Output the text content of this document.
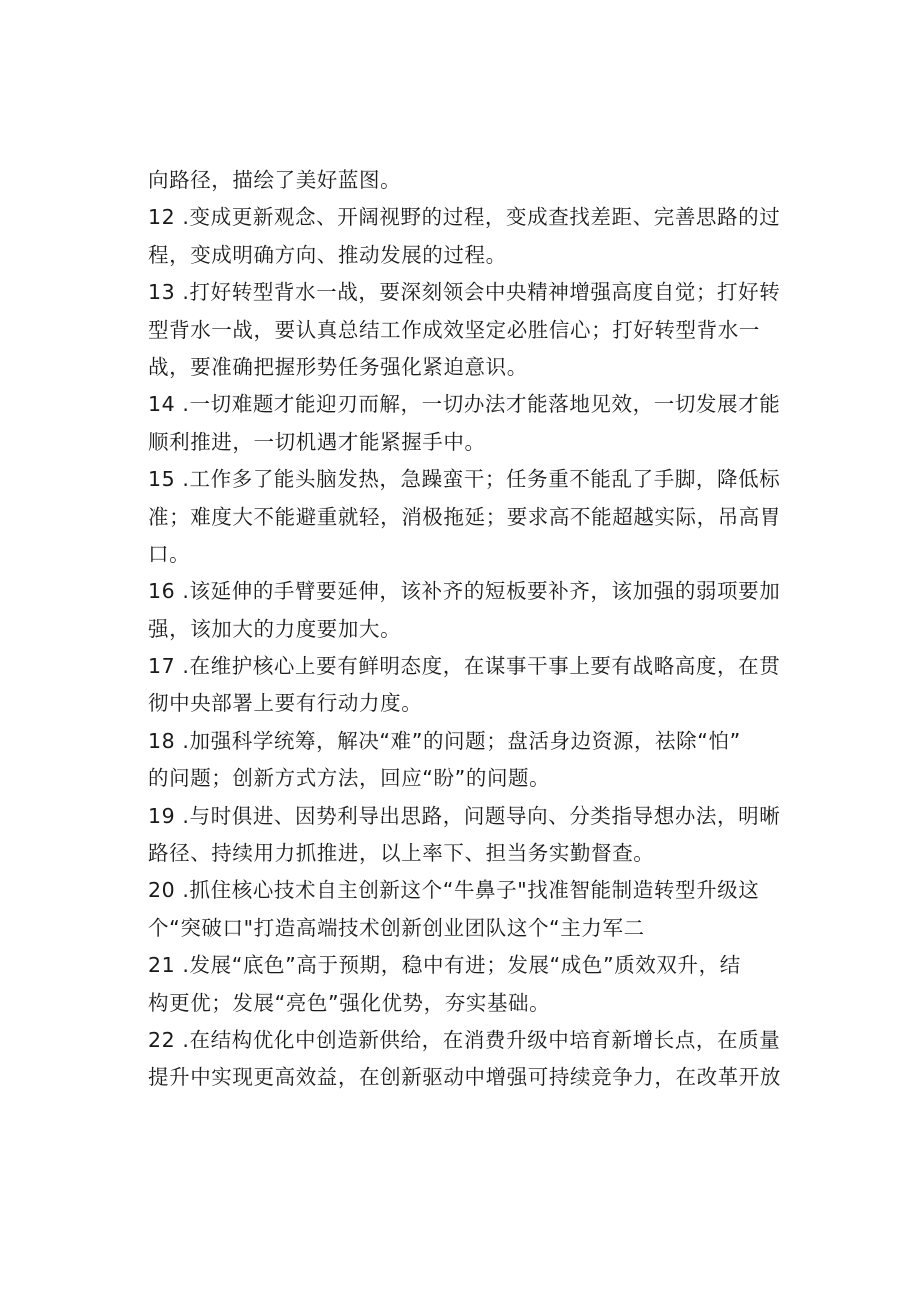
向路径，描绘了美好蓝图。
12 .变成更新观念、开阔视野的过程，变成查找差距、完善思路的过
程，变成明确方向、推动发展的过程。
13 .打好转型背水一战，要深刻领会中央精神增强高度自觉；打好转
型背水一战，要认真总结工作成效坚定必胜信心；打好转型背水一
战，要准确把握形势任务强化紧迫意识。
14 .一切难题才能迎刃而解，一切办法才能落地见效，一切发展才能
顺利推进，一切机遇才能紧握手中。
15 .工作多了能头脑发热，急躁蛮干；任务重不能乱了手脚，降低标
准；难度大不能避重就轻，消极拖延；要求高不能超越实际，吊高胃
口。
16 .该延伸的手臂要延伸，该补齐的短板要补齐，该加强的弱项要加
强，该加大的力度要加大。
17 .在维护核心上要有鲜明态度，在谋事干事上要有战略高度，在贯
彻中央部署上要有行动力度。
18 .加强科学统筹，解决“难”的问题；盘活身边资源，祛除“怕”
的问题；创新方式方法，回应“盼”的问题。
19 .与时俱进、因势利导出思路，问题导向、分类指导想办法，明晰
路径、持续用力抓推进，以上率下、担当务实勤督查。
20 .抓住核心技术自主创新这个“牛鼻子"找准智能制造转型升级这
个“突破口"打造高端技术创新创业团队这个“主力军二
21 .发展“底色”高于预期，稳中有进；发展“成色”质效双升，结
构更优；发展“亮色”强化优势，夯实基础。
22 .在结构优化中创造新供给，在消费升级中培育新增长点，在质量
提升中实现更高效益，在创新驱动中增强可持续竞争力，在改革开放
